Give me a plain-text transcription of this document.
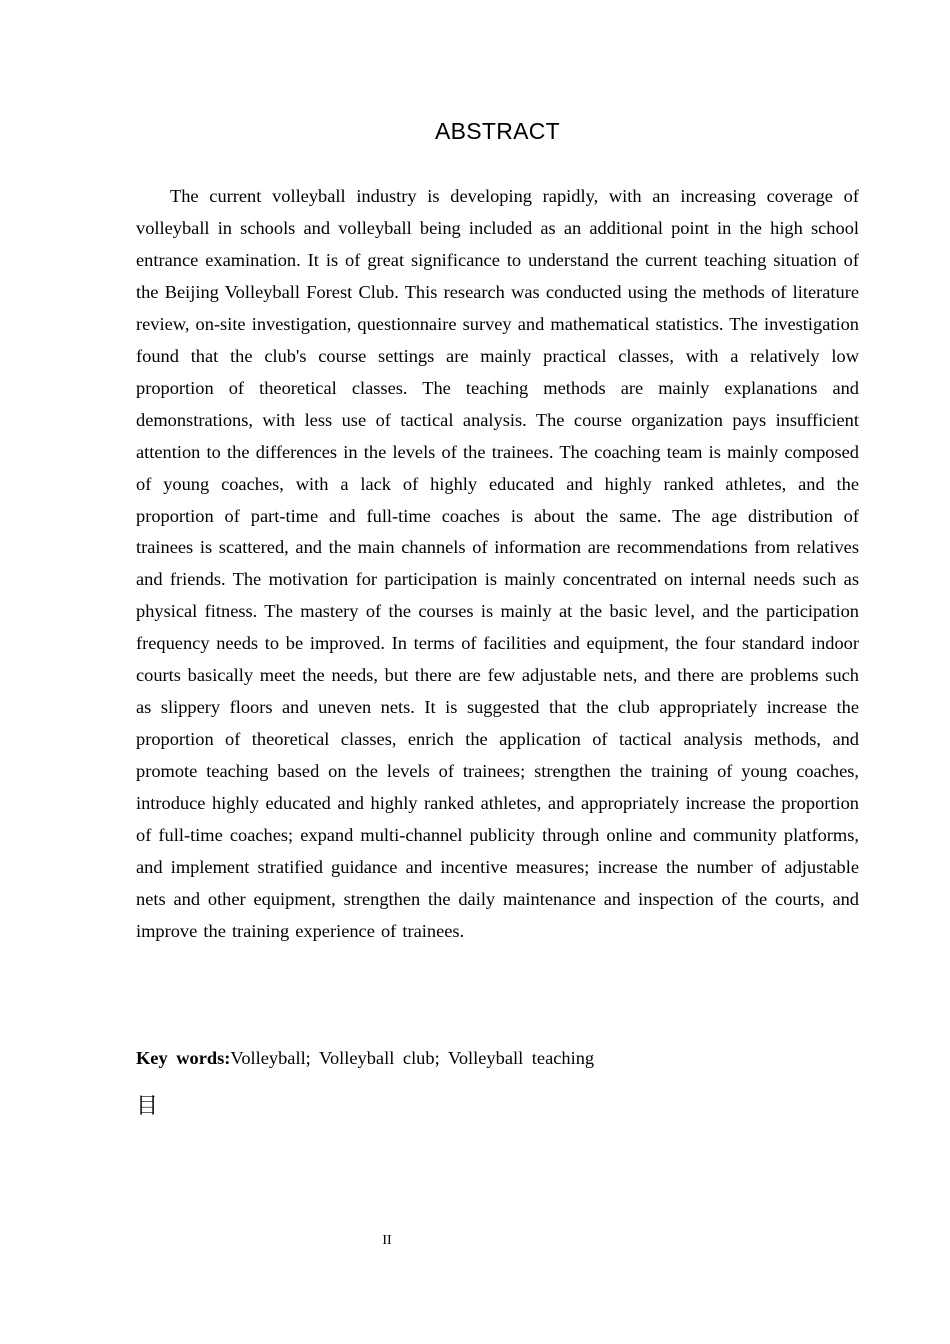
ABSTRACT

The current volleyball industry is developing rapidly, with an increasing coverage of volleyball in schools and volleyball being included as an additional point in the high school entrance examination. It is of great significance to understand the current teaching situation of the Beijing Volleyball Forest Club. This research was conducted using the methods of literature review, on-site investigation, questionnaire survey and mathematical statistics. The investigation found that the club's course settings are mainly practical classes, with a relatively low proportion of theoretical classes. The teaching methods are mainly explanations and demonstrations, with less use of tactical analysis. The course organization pays insufficient attention to the differences in the levels of the trainees. The coaching team is mainly composed of young coaches, with a lack of highly educated and highly ranked athletes, and the proportion of part-time and full-time coaches is about the same. The age distribution of trainees is scattered, and the main channels of information are recommendations from relatives and friends. The motivation for participation is mainly concentrated on internal needs such as physical fitness. The mastery of the courses is mainly at the basic level, and the participation frequency needs to be improved. In terms of facilities and equipment, the four standard indoor courts basically meet the needs, but there are few adjustable nets, and there are problems such as slippery floors and uneven nets. It is suggested that the club appropriately increase the proportion of theoretical classes, enrich the application of tactical analysis methods, and promote teaching based on the levels of trainees; strengthen the training of young coaches, introduce highly educated and highly ranked athletes, and appropriately increase the proportion of full-time coaches; expand multi-channel publicity through online and community platforms, and implement stratified guidance and incentive measures; increase the number of adjustable nets and other equipment, strengthen the daily maintenance and inspection of the courts, and improve the training experience of trainees.

Key words:Volleyball; Volleyball club; Volleyball teaching

目
II
